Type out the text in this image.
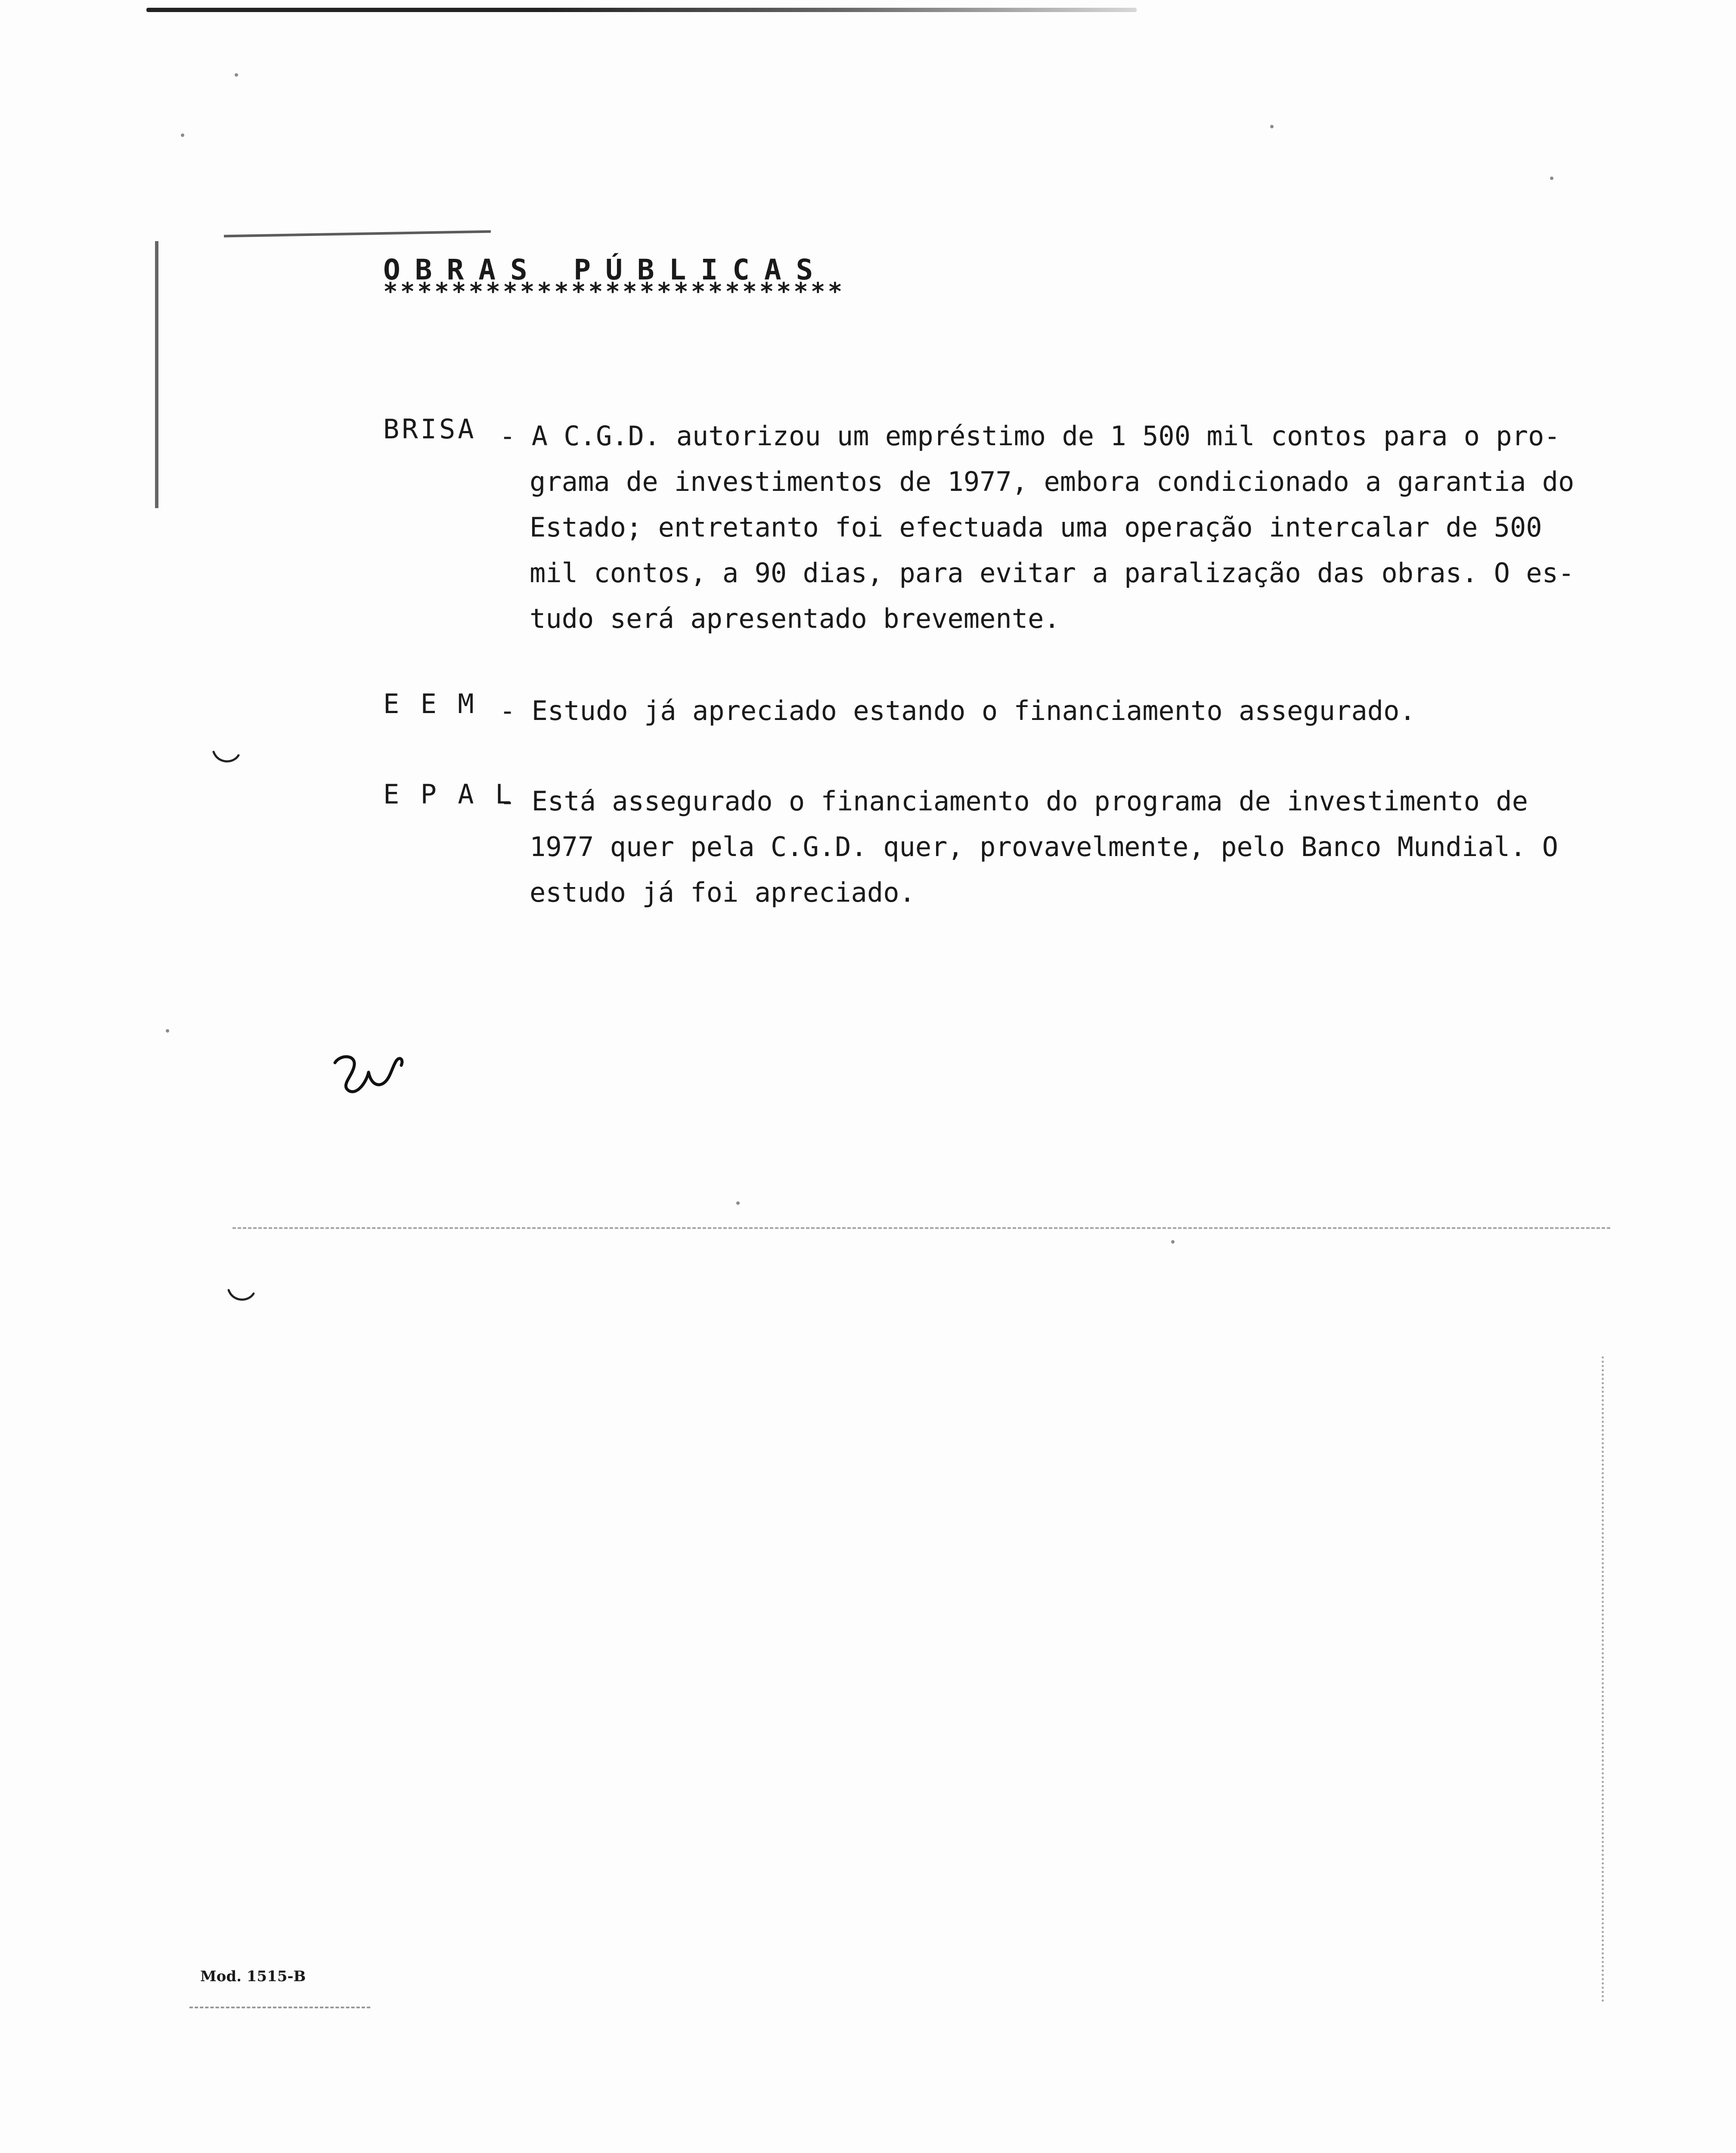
OBRAS PÚBLICAS
***************************
BRISA - A C.G.D. autorizou um empréstimo de 1 500 mil contos para o pro-
grama de investimentos de 1977, embora condicionado a garantia do
Estado; entretanto foi efectuada uma operação intercalar de 500
mil contos, a 90 dias, para evitar a paralização das obras. O es-
tudo será apresentado brevemente.
E E M - Estudo já apreciado estando o financiamento assegurado.
E P A L
- Está assegurado o financiamento do programa de investimento de
1977 quer pela C.G.D. quer, provavelmente, pelo Banco Mundial. O
estudo já foi apreciado.
Mod. 1515-B
